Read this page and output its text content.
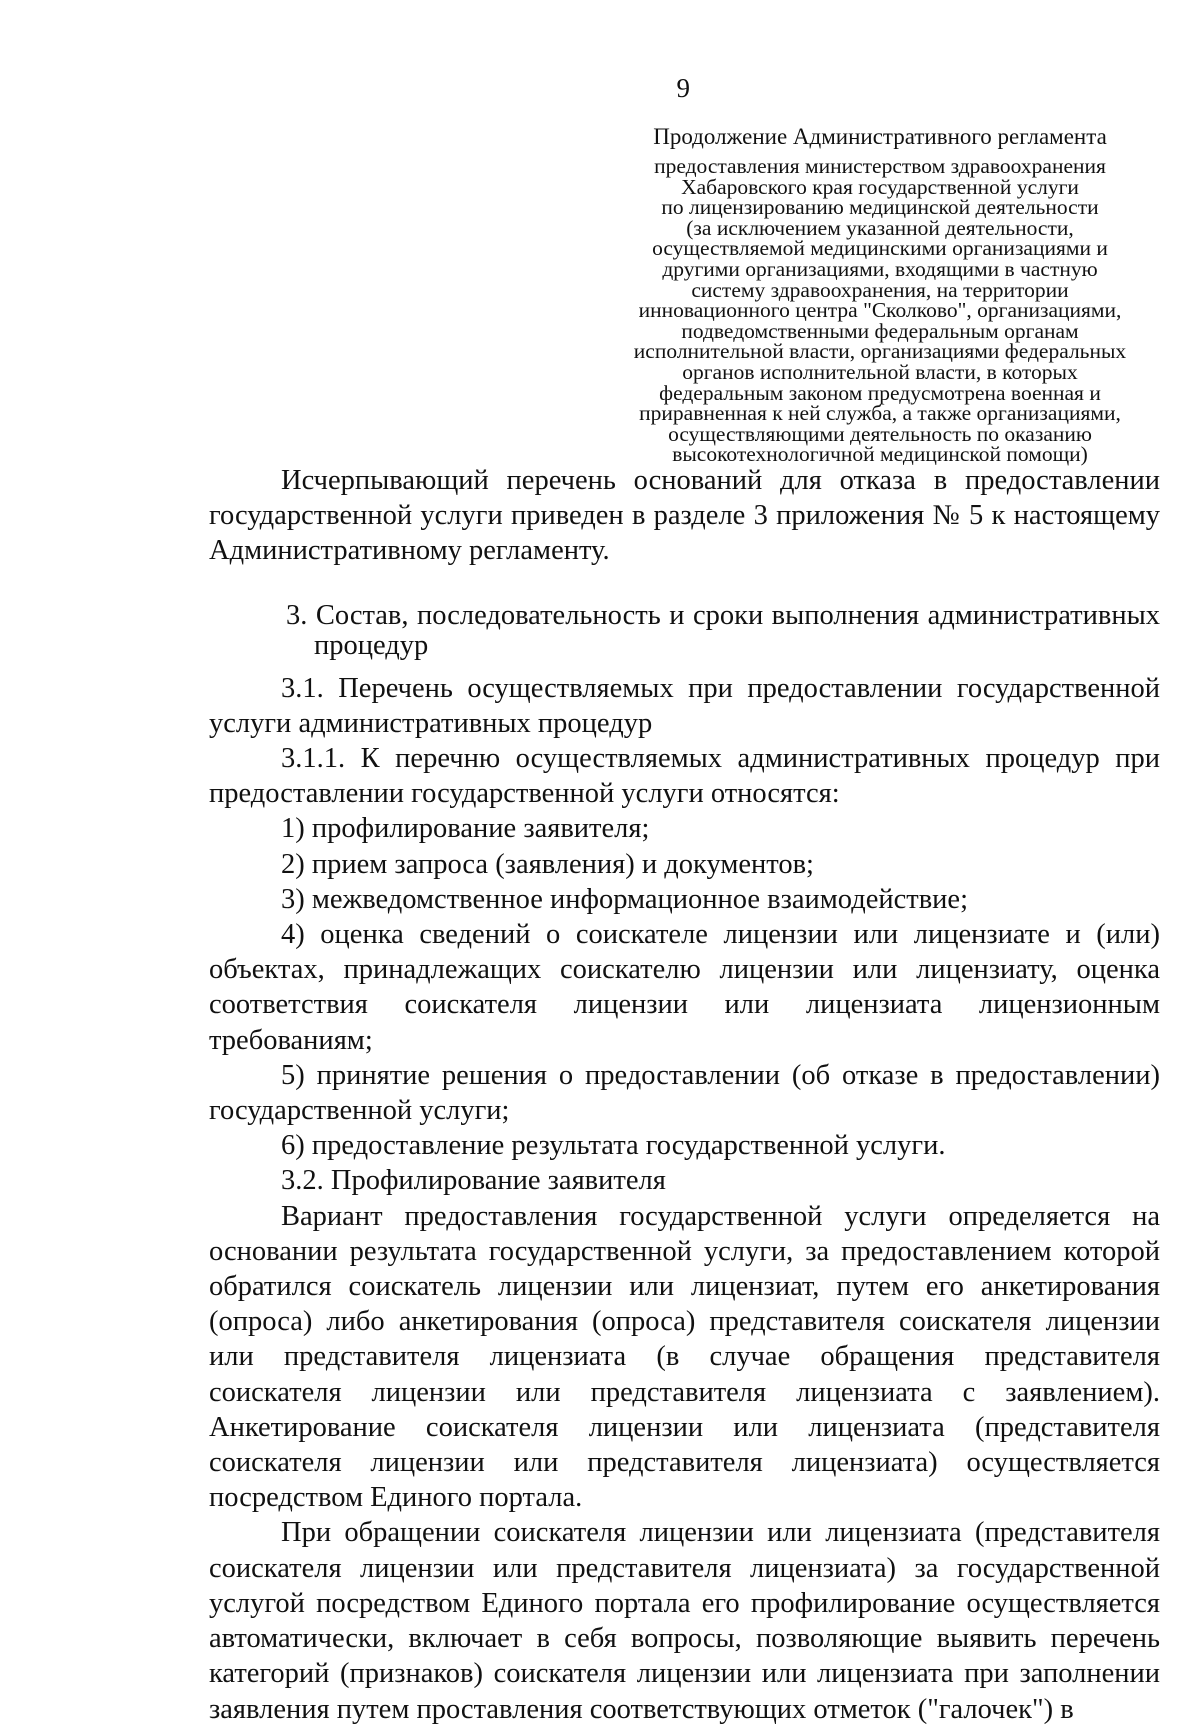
9
Продолжение Административного регламента
предоставления министерством здравоохранения
Хабаровского края государственной услуги
по лицензированию медицинской деятельности
(за исключением указанной деятельности,
осуществляемой медицинскими организациями и
другими организациями, входящими в частную
систему здравоохранения, на территории
инновационного центра "Сколково", организациями,
подведомственными федеральным органам
исполнительной власти, организациями федеральных
органов исполнительной власти, в которых
федеральным законом предусмотрена военная и
приравненная к ней служба, а также организациями,
осуществляющими деятельность по оказанию
высокотехнологичной медицинской помощи)

Исчерпывающий перечень оснований для отказа в предоставлении государственной услуги приведен в разделе 3 приложения № 5 к настоящему Административному регламенту.

3. Состав, последовательность и сроки выполнения административных процедур

3.1. Перечень осуществляемых при предоставлении государственной услуги административных процедур

3.1.1. К перечню осуществляемых административных процедур при предоставлении государственной услуги относятся:

1) профилирование заявителя;

2) прием запроса (заявления) и документов;

3) межведомственное информационное взаимодействие;

4) оценка сведений о соискателе лицензии или лицензиате и (или) объектах, принадлежащих соискателю лицензии или лицензиату, оценка соответствия соискателя лицензии или лицензиата лицензионным требованиям;

5) принятие решения о предоставлении (об отказе в предоставлении) государственной услуги;

6) предоставление результата государственной услуги.

3.2. Профилирование заявителя

Вариант предоставления государственной услуги определяется на основании результата государственной услуги, за предоставлением которой обратился соискатель лицензии или лицензиат, путем его анкетирования (опроса) либо анкетирования (опроса) представителя соискателя лицензии или представителя лицензиата (в случае обращения представителя соискателя лицензии или представителя лицензиата с заявлением). Анкетирование соискателя лицензии или лицензиата (представителя соискателя лицензии или представителя лицензиата) осуществляется посредством Единого портала.

При обращении соискателя лицензии или лицензиата (представителя соискателя лицензии или представителя лицензиата) за государственной услугой посредством Единого портала его профилирование осуществляется автоматически, включает в себя вопросы, позволяющие выявить перечень категорий (признаков) соискателя лицензии или лицензиата при заполнении заявления путем проставления соответствующих отметок ("галочек") в
